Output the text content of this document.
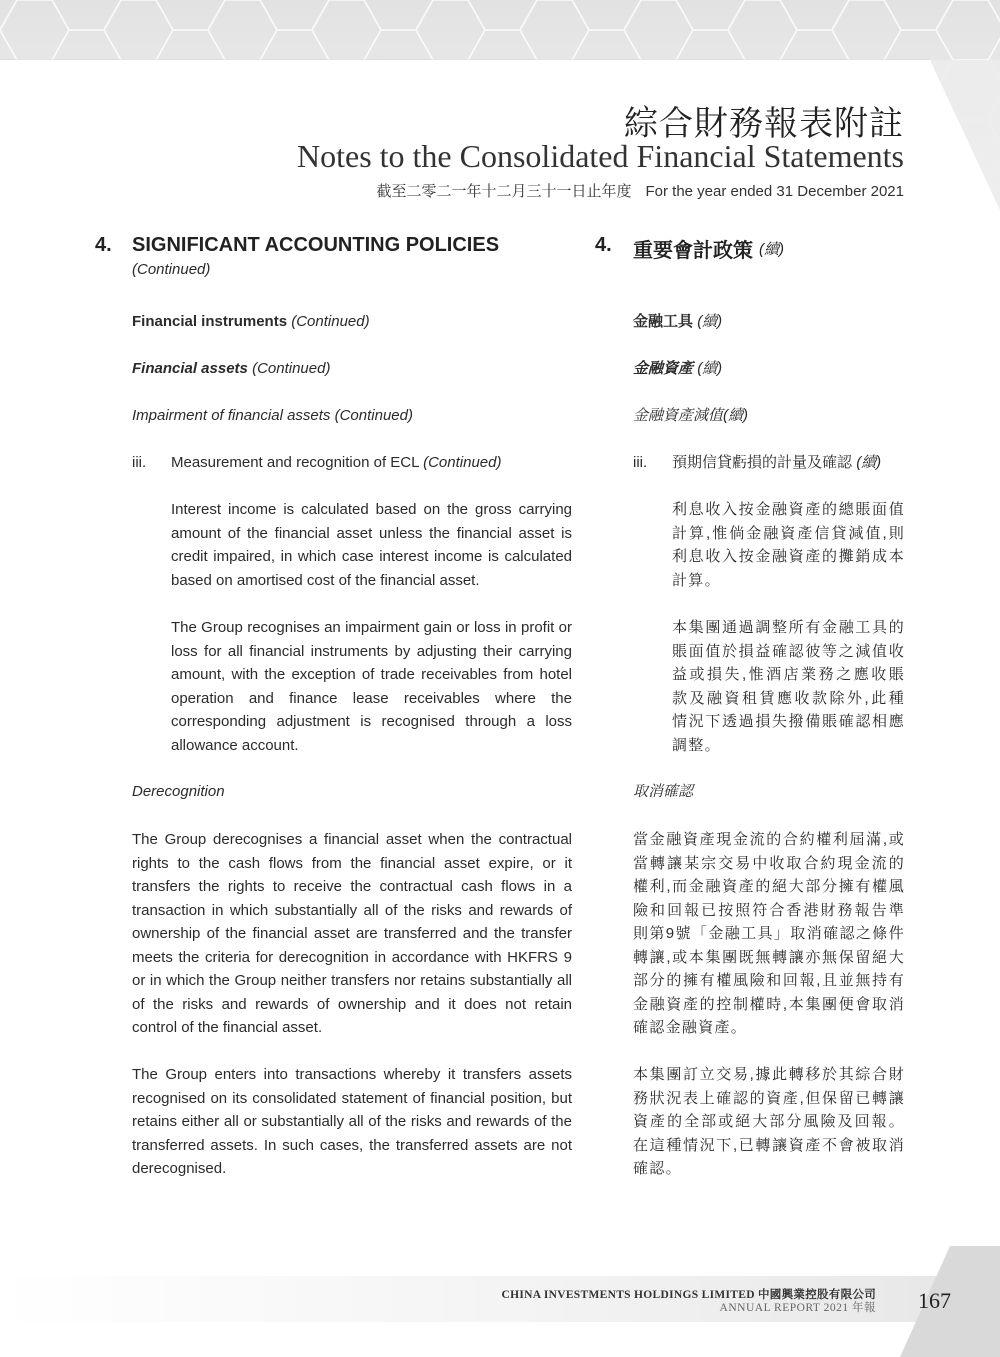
綜合財務報表附註
Notes to the Consolidated Financial Statements
截至二零二一年十二月三十一日止年度 For the year ended 31 December 2021
4.	SIGNIFICANT ACCOUNTING POLICIES
(Continued)
Financial instruments (Continued)
Financial assets (Continued)
Impairment of financial assets (Continued)
iii. Measurement and recognition of ECL (Continued)

Interest income is calculated based on the gross carrying amount of the financial asset unless the financial asset is credit impaired, in which case interest income is calculated based on amortised cost of the financial asset.

The Group recognises an impairment gain or loss in profit or loss for all financial instruments by adjusting their carrying amount, with the exception of trade receivables from hotel operation and finance lease receivables where the corresponding adjustment is recognised through a loss allowance account.

Derecognition

The Group derecognises a financial asset when the contractual rights to the cash flows from the financial asset expire, or it transfers the rights to receive the contractual cash flows in a transaction in which substantially all of the risks and rewards of ownership of the financial asset are transferred and the transfer meets the criteria for derecognition in accordance with HKFRS 9 or in which the Group neither transfers nor retains substantially all of the risks and rewards of ownership and it does not retain control of the financial asset.

The Group enters into transactions whereby it transfers assets recognised on its consolidated statement of financial position, but retains either all or substantially all of the risks and rewards of the transferred assets. In such cases, the transferred assets are not derecognised.

4.	重要會計政策 (續)
金融工具 (續)
金融資產 (續)
金融資產減值(續)
iii. 預期信貸虧損的計量及確認 (續)

利息收入按金融資產的總賬面值計算,惟倘金融資產信貸減值,則利息收入按金融資產的攤銷成本計算。

本集團通過調整所有金融工具的賬面值於損益確認彼等之減值收益或損失,惟酒店業務之應收賬款及融資租賃應收款除外,此種情況下透過損失撥備賬確認相應調整。

取消確認

當金融資產現金流的合約權利屆滿,或當轉讓某宗交易中收取合約現金流的權利,而金融資產的絕大部分擁有權風險和回報已按照符合香港財務報告準則第9號「金融工具」取消確認之條件轉讓,或本集團既無轉讓亦無保留絕大部分的擁有權風險和回報,且並無持有金融資產的控制權時,本集團便會取消確認金融資產。

本集團訂立交易,據此轉移於其綜合財務狀況表上確認的資產,但保留已轉讓資產的全部或絕大部分風險及回報。在這種情況下,已轉讓資產不會被取消確認。

CHINA INVESTMENTS HOLDINGS LIMITED 中國興業控股有限公司
ANNUAL REPORT 2021 年報 167
